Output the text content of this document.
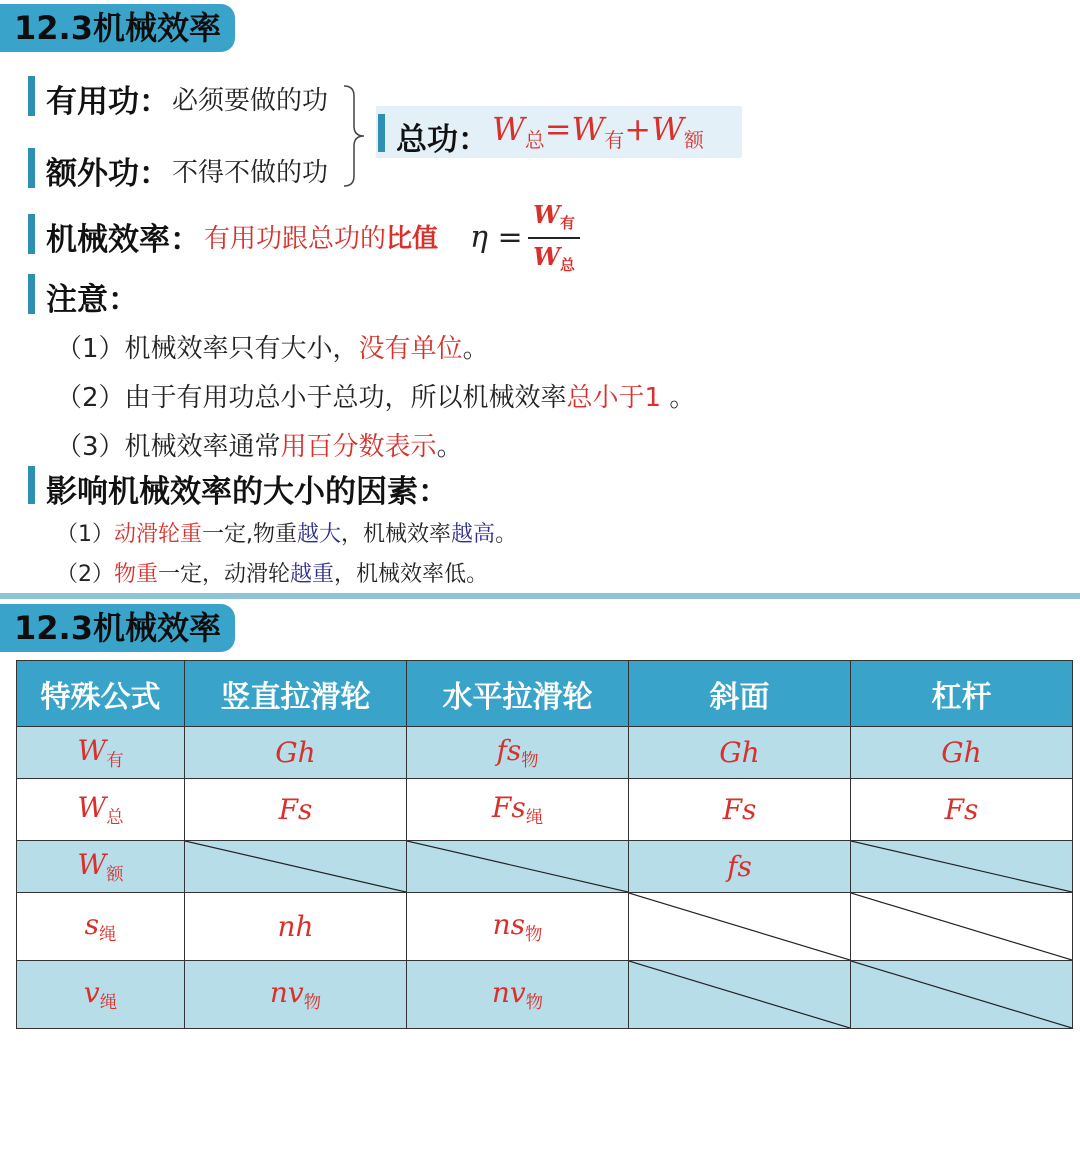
12.3机械效率
有用功： 必须要做的功
额外功： 不得不做的功
总功： $W_总=W_有+W_额$
机械效率： 有用功跟总功的比值 η =
$W_有$
$W_总$
注意：
（1）机械效率只有大小，没有单位。
（2）由于有用功总小于总功，所以机械效率总小于1 。
（3）机械效率通常用百分数表示。
影响机械效率的大小的因素：
（1）动滑轮重一定,物重越大，机械效率越高。
（2）物重一定，动滑轮越重，机械效率低。
12.3机械效率
特殊公式	竖直拉滑轮	水平拉滑轮	斜面	杠杆
$W_有$	Gh	$fs_物$	Gh	Gh
$W_总$	Fs	$Fs_绳$	Fs	Fs
$W_额$			fs	

$s_绳$	nh	$ns_物$	

$v_绳$	$nv_物$	$nv_物$	
